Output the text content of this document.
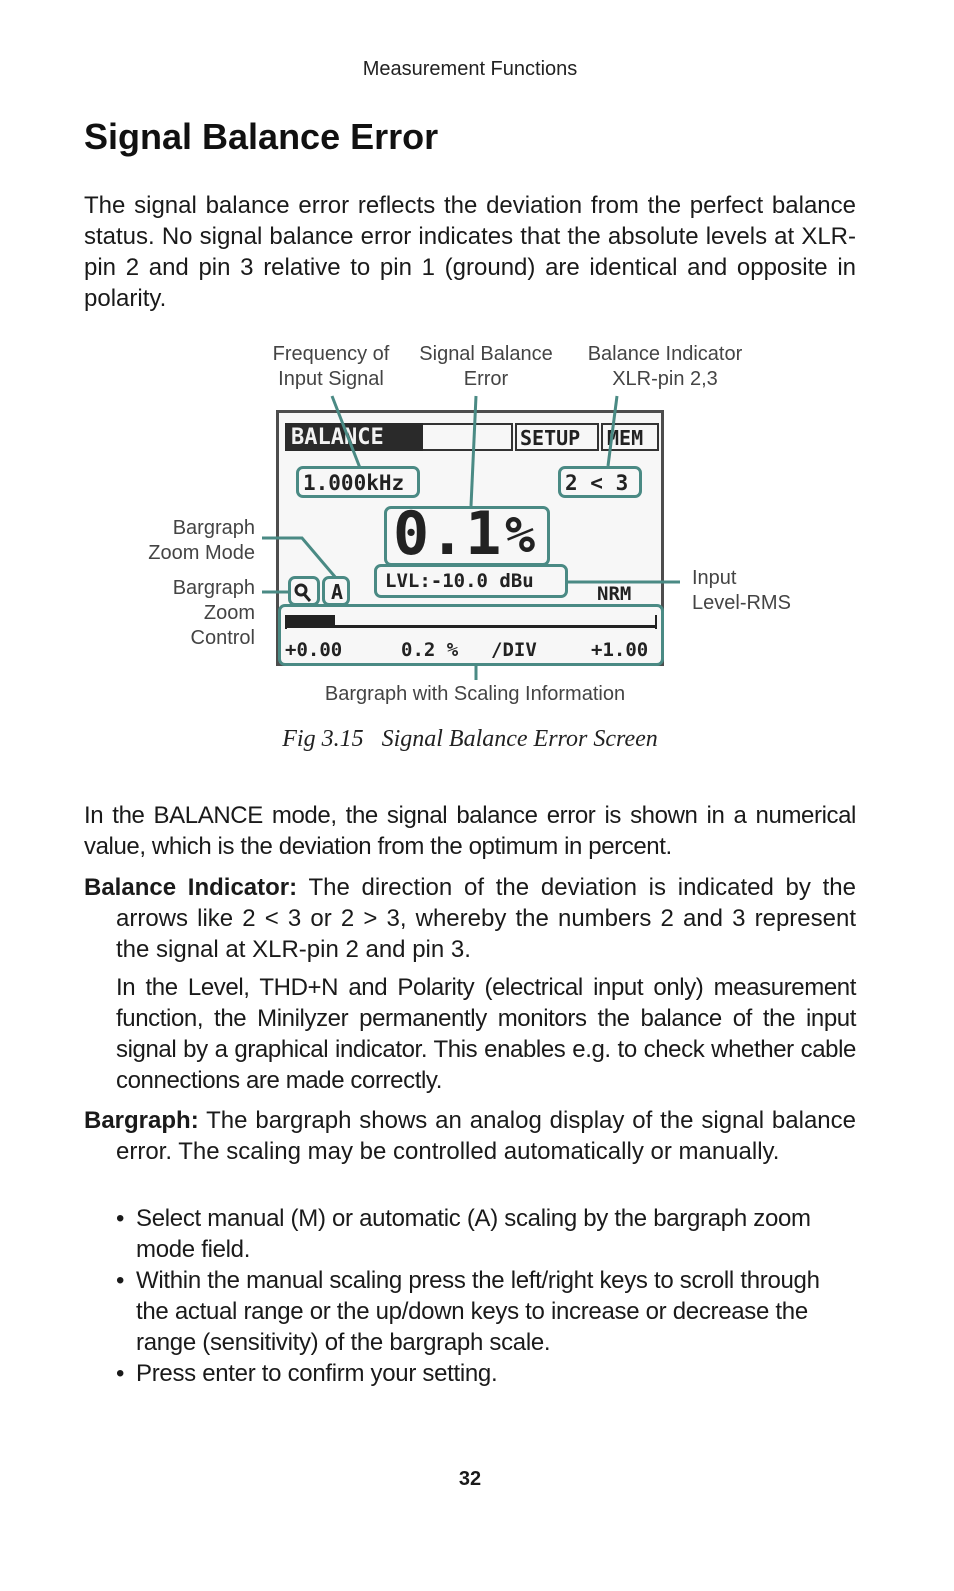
Measurement Functions
Signal Balance Error

The signal balance error reflects the deviation from the perfect balance status. No signal balance error indicates that the absolute levels at XLR-pin 2 and pin 3 relative to pin 1 (ground) are identical and opposite in polarity.

Frequency of
Input Signal
Signal Balance
Error
Balance Indicator
XLR-pin 2,3
Bargraph
Zoom Mode
Bargraph
Zoom
Control
Input
Level-RMS
Bargraph with Scaling Information
BALANCE	SETUP MEM
1.000kHz	2 < 3
0.1 %
A LVL:-10.0 dBu
NRM
+0.00	0.2 % /DIV	+1.00
Fig 3.15   Signal Balance Error Screen

In the BALANCE mode, the signal balance error is shown in a numerical value, which is the deviation from the optimum in percent.

Balance Indicator: The direction of the deviation is indicated by the arrows like 2 < 3 or 2 > 3, whereby the numbers 2 and 3 represent the signal at XLR-pin 2 and pin 3.

In the Level, THD+N and Polarity (electrical input only) measurement function, the Minilyzer permanently monitors the balance of the input signal by a graphical indicator. This enables e.g. to check whether cable connections are made correctly.

Bargraph: The bargraph shows an analog display of the signal balance error. The scaling may be controlled automatically or manually.

• Select manual (M) or automatic (A) scaling by the bargraph zoom mode field.
• Within the manual scaling press the left/right keys to scroll through the actual range or the up/down keys to increase or decrease the range (sensitivity) of the bargraph scale.
• Press enter to confirm your setting.
32
